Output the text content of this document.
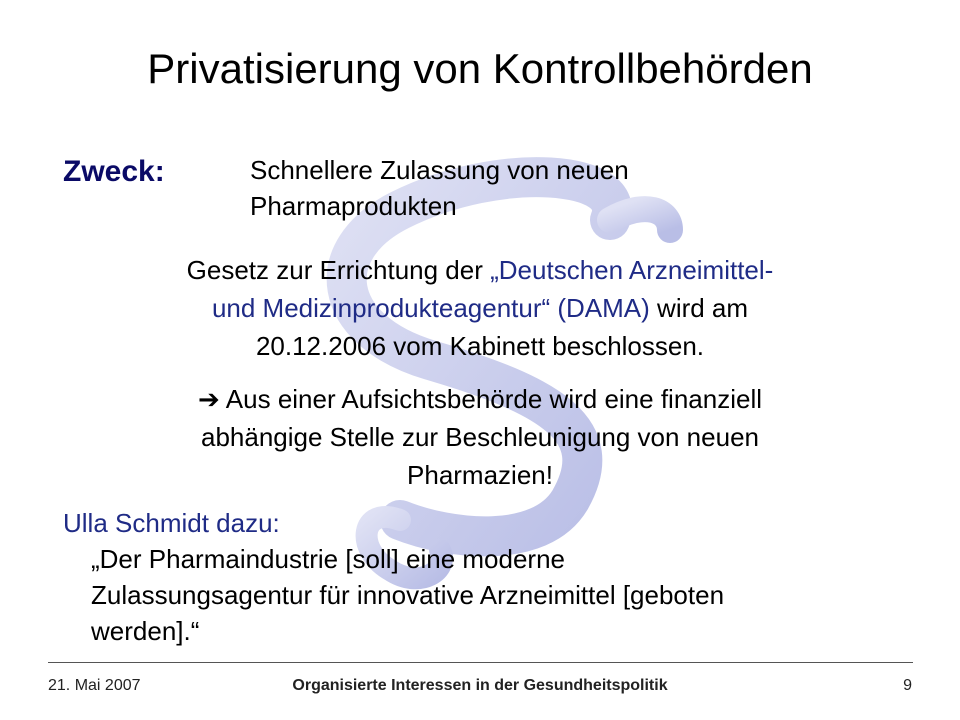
Privatisierung von Kontrollbehörden
Zweck:	Schnellere Zulassung von neuen
Pharmaprodukten
Gesetz zur Errichtung der „Deutschen Arzneimittel-
und Medizinprodukteagentur“ (DAMA) wird am
20.12.2006 vom Kabinett beschlossen.
➔ Aus einer Aufsichtsbehörde wird eine finanziell
abhängige Stelle zur Beschleunigung von neuen
Pharmazien!
Ulla Schmidt dazu:
„Der Pharmaindustrie [soll] eine moderne
Zulassungsagentur für innovative Arzneimittel [geboten
werden].“
21. Mai 2007	Organisierte Interessen in der Gesundheitspolitik	9
